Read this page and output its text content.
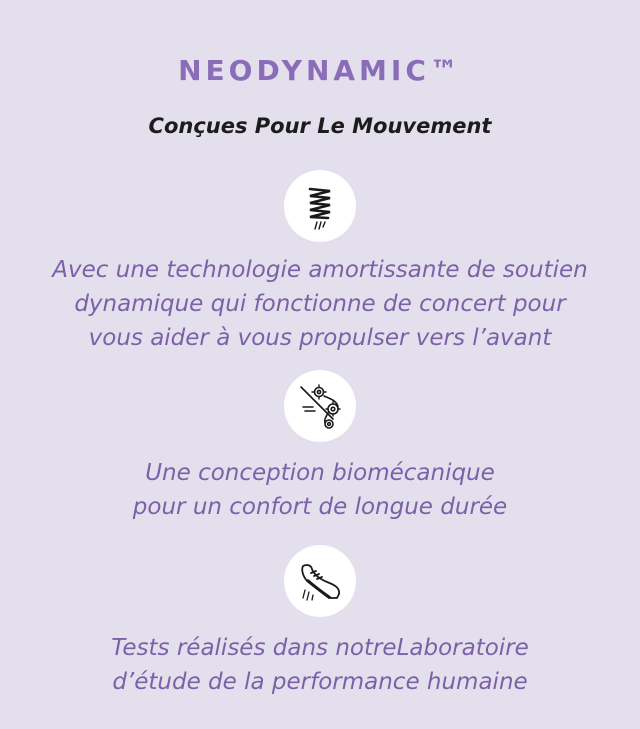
NEODYNAMIC™
Conçues Pour Le Mouvement
Avec une technologie amortissante de soutien
dynamique qui fonctionne de concert pour
vous aider à vous propulser vers l’avant
Une conception biomécanique
pour un confort de longue durée
Tests réalisés dans notreLaboratoire
d’étude de la performance humaine
